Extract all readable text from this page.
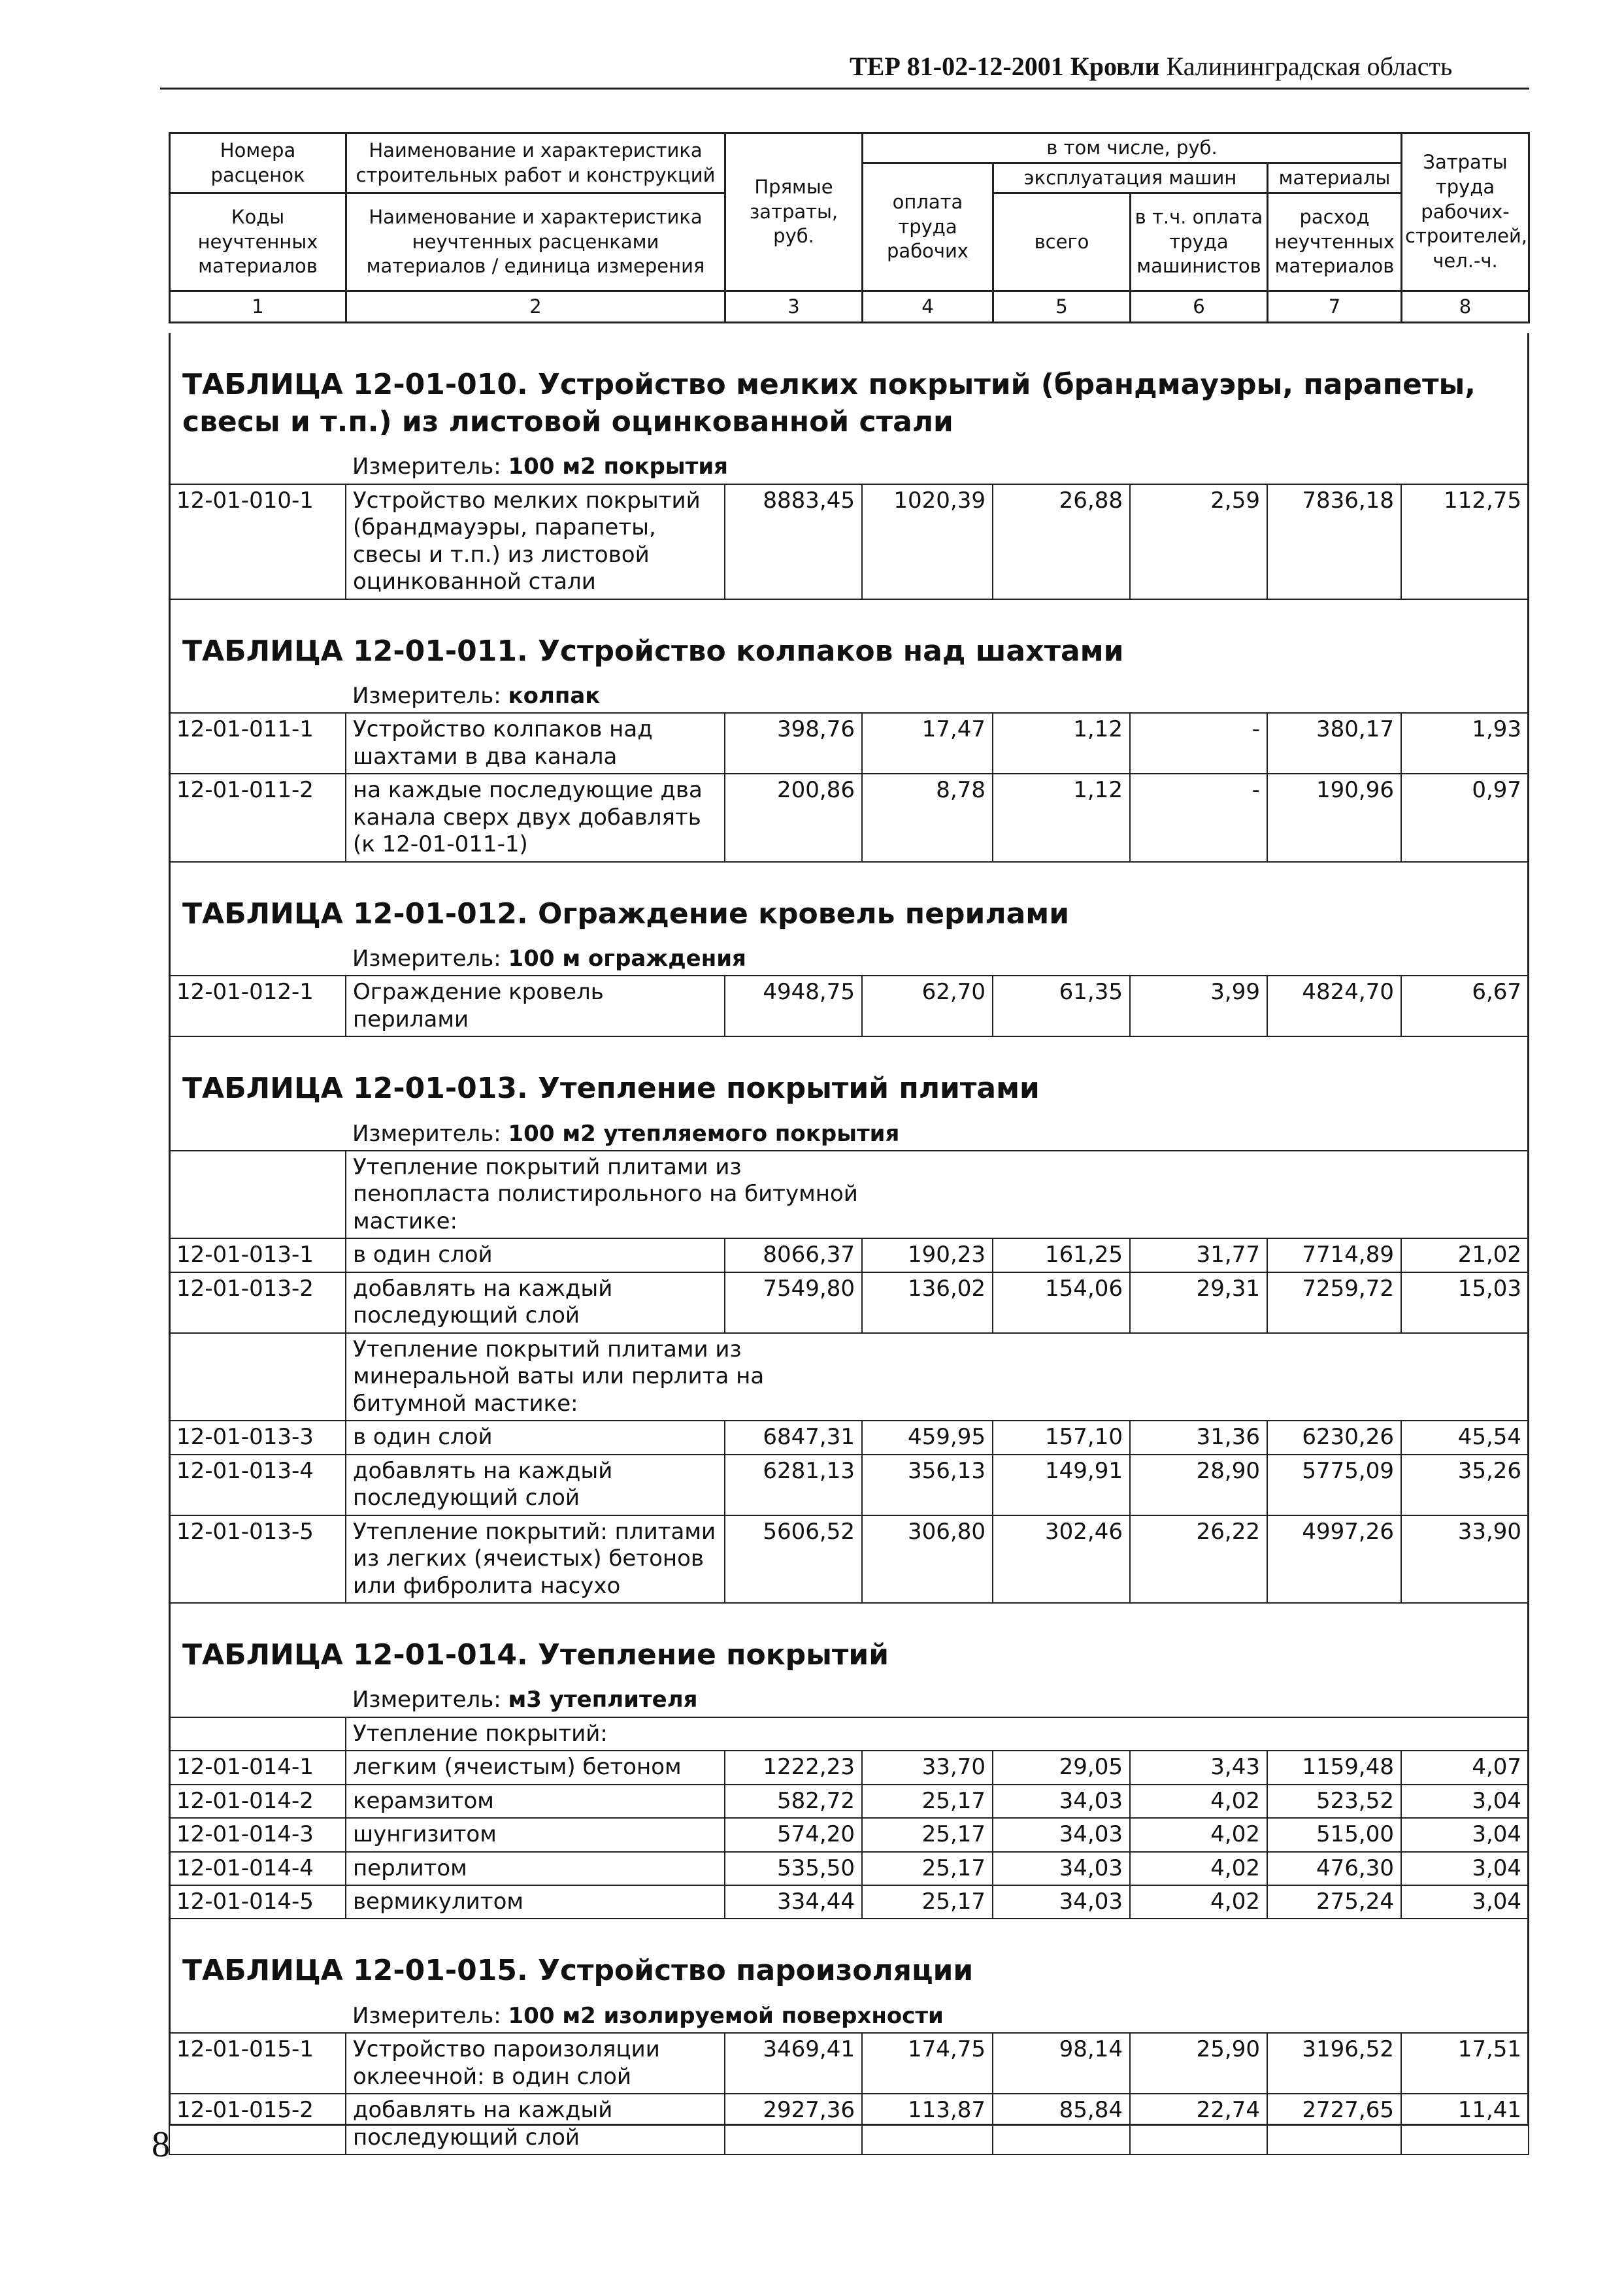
ТЕР 81-02-12-2001 Кровли Калининградская область
Номера расценок	Наименование и характеристика строительных работ и конструкций	Прямые затраты, руб.	в том числе, руб.				Затраты труда рабочих-строителей, чел.-ч.
			оплата труда рабочих	эксплуатация машин		материалы	
Коды неучтенных материалов	Наименование и характеристика неучтенных расценками материалов / единица измерения			всего	в т.ч. оплата труда машинистов	расход неучтенных материалов	

1	2	3	4	5	6	7	8
ТАБЛИЦА 12-01-010. Устройство мелких покрытий (брандмауэры, парапеты, свесы и т.п.) из листовой оцинкованной стали							
	Измеритель: 100 м2 покрытия						
12-01-010-1	Устройство мелких покрытий (брандмауэры, парапеты, свесы и т.п.) из листовой оцинкованной стали	8883,45	1020,39	26,88	2,59	7836,18	112,75
ТАБЛИЦА 12-01-011. Устройство колпаков над шахтами							
	Измеритель: колпак						
12-01-011-1	Устройство колпаков над шахтами в два канала	398,76	17,47	1,12	-	380,17	1,93
12-01-011-2	на каждые последующие два канала сверх двух добавлять (к 12-01-011-1)	200,86	8,78	1,12	-	190,96	0,97
ТАБЛИЦА 12-01-012. Ограждение кровель перилами							
	Измеритель: 100 м ограждения						
12-01-012-1	Ограждение кровель перилами	4948,75	62,70	61,35	3,99	4824,70	6,67
ТАБЛИЦА 12-01-013. Утепление покрытий плитами							
	Измеритель: 100 м2 утепляемого покрытия						
	Утепление покрытий плитами из пенопласта полистирольного на битумной мастике:						
12-01-013-1	в один слой	8066,37	190,23	161,25	31,77	7714,89	21,02
12-01-013-2	добавлять на каждый последующий слой	7549,80	136,02	154,06	29,31	7259,72	15,03
	Утепление покрытий плитами из минеральной ваты или перлита на битумной мастике:						
12-01-013-3	в один слой	6847,31	459,95	157,10	31,36	6230,26	45,54
12-01-013-4	добавлять на каждый последующий слой	6281,13	356,13	149,91	28,90	5775,09	35,26
12-01-013-5	Утепление покрытий: плитами из легких (ячеистых) бетонов или фибролита насухо	5606,52	306,80	302,46	26,22	4997,26	33,90
ТАБЛИЦА 12-01-014. Утепление покрытий							
	Измеритель: м3 утеплителя						
	Утепление покрытий:						
12-01-014-1	легким (ячеистым) бетоном	1222,23	33,70	29,05	3,43	1159,48	4,07
12-01-014-2	керамзитом	582,72	25,17	34,03	4,02	523,52	3,04
12-01-014-3	шунгизитом	574,20	25,17	34,03	4,02	515,00	3,04
12-01-014-4	перлитом	535,50	25,17	34,03	4,02	476,30	3,04
12-01-014-5	вермикулитом	334,44	25,17	34,03	4,02	275,24	3,04
ТАБЛИЦА 12-01-015. Устройство пароизоляции							
	Измеритель: 100 м2 изолируемой поверхности						
12-01-015-1	Устройство пароизоляции оклеечной: в один слой	3469,41	174,75	98,14	25,90	3196,52	17,51
12-01-015-2	добавлять на каждый последующий слой	2927,36	113,87	85,84	22,74	2727,65	11,41
8
